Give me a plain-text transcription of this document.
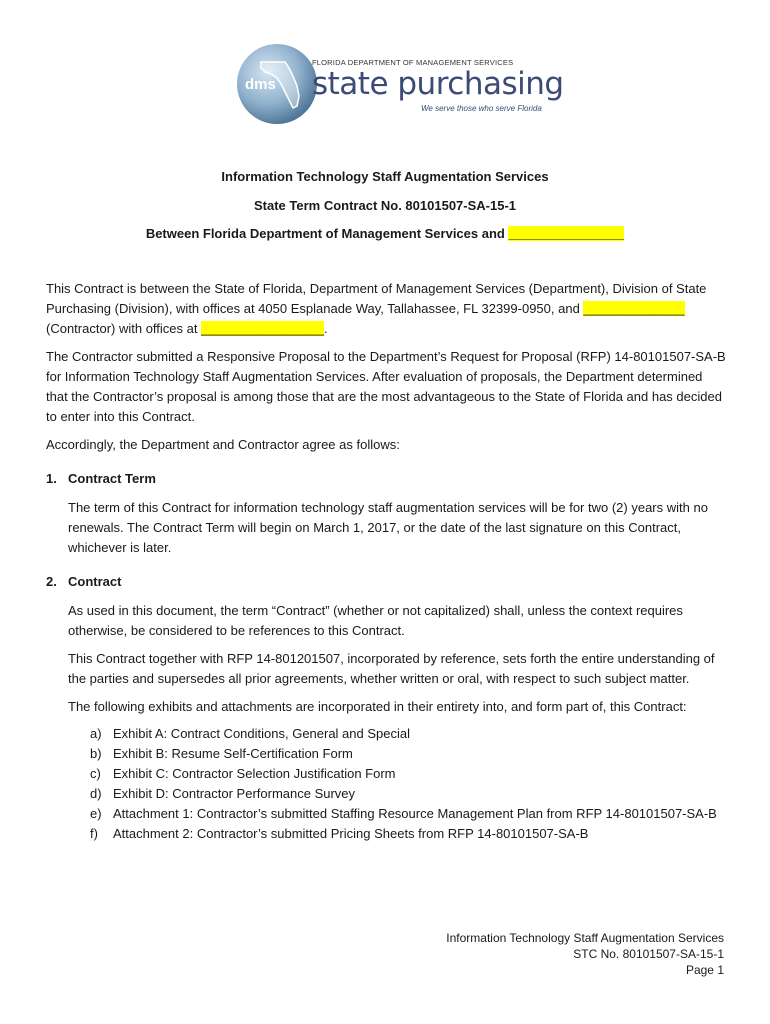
dms
FLORIDA DEPARTMENT OF MANAGEMENT SERVICES
state purchasing
We serve those who serve Florida
Information Technology Staff Augmentation Services
State Term Contract No. 80101507-SA-15-1
Between Florida Department of Management Services and ________________
This Contract is between the State of Florida, Department of Management Services (Department), Division of State
Purchasing (Division), with offices at 4050 Esplanade Way, Tallahassee, FL 32399-0950, and ______________
(Contractor) with offices at _________________.
The Contractor submitted a Responsive Proposal to the Department’s Request for Proposal (RFP) 14-80101507-SA-B for Information Technology Staff Augmentation Services. After evaluation of proposals, the Department determined that the Contractor’s proposal is among those that are the most advantageous to the State of Florida and has decided to enter into this Contract.
Accordingly, the Department and Contractor agree as follows:
1. Contract Term
The term of this Contract for information technology staff augmentation services will be for two (2) years with no renewals. The Contract Term will begin on March 1, 2017, or the date of the last signature on this Contract, whichever is later.
2. Contract
As used in this document, the term “Contract” (whether or not capitalized) shall, unless the context requires otherwise, be considered to be references to this Contract.
This Contract together with RFP 14-801201507, incorporated by reference, sets forth the entire understanding of the parties and supersedes all prior agreements, whether written or oral, with respect to such subject matter.
The following exhibits and attachments are incorporated in their entirety into, and form part of, this Contract:
a) Exhibit A: Contract Conditions, General and Special
b) Exhibit B: Resume Self-Certification Form
c) Exhibit C: Contractor Selection Justification Form
d) Exhibit D: Contractor Performance Survey
e) Attachment 1: Contractor’s submitted Staffing Resource Management Plan from RFP 14-80101507-SA-B
f) Attachment 2: Contractor’s submitted Pricing Sheets from RFP 14-80101507-SA-B
Information Technology Staff Augmentation Services
STC No. 80101507-SA-15-1
Page 1
